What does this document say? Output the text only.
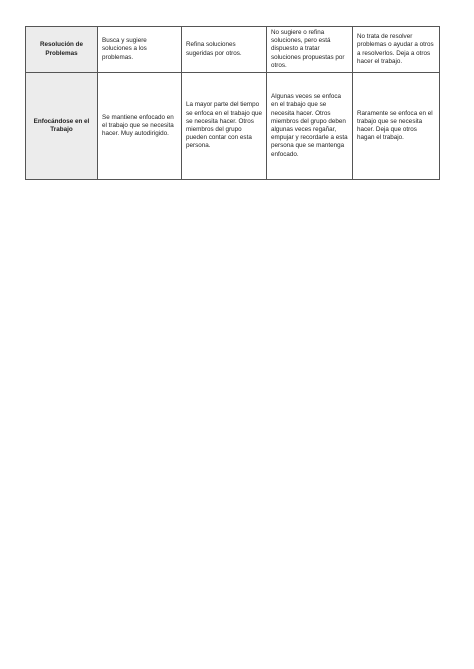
Resolución de Problemas	Busca y sugiere soluciones a los problemas.	Refina soluciones sugeridas por otros.	No sugiere o refina soluciones, pero está dispuesto a tratar soluciones propuestas por otros.	No trata de resolver problemas o ayudar a otros a resolverlos. Deja a otros hacer el trabajo.

Enfocándose en el Trabajo	Se mantiene enfocado en el trabajo que se necesita hacer. Muy autodirigido.	La mayor parte del tiempo se enfoca en el trabajo que se necesita hacer. Otros miembros del grupo pueden contar con esta persona.	Algunas veces se enfoca en el trabajo que se necesita hacer. Otros miembros del grupo deben algunas veces regañar, empujar y recordarle a esta persona que se mantenga enfocado.	Raramente se enfoca en el trabajo que se necesita hacer. Deja que otros hagan el trabajo.
